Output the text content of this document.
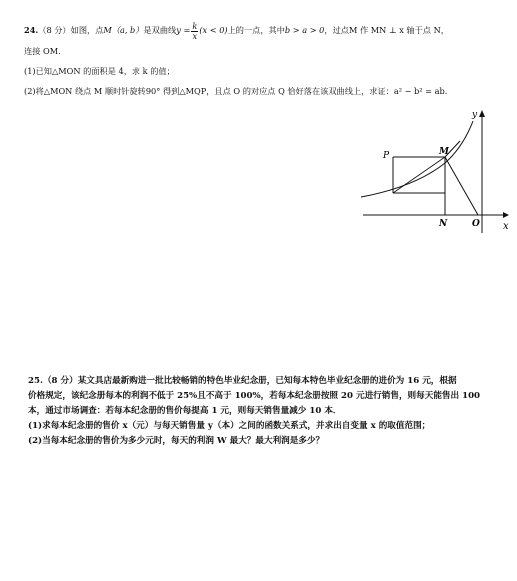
24.（8 分）如图，点M（a, b）是双曲线$y = \frac{k}{x} (x < 0)$上的一点，其中b > a > 0，过点M 作 MN ⊥ x 轴于点 N，
连接 OM.
(1)已知△MON 的面积是 4，求 k 的值；
(2)将△MON 绕点 M 顺时针旋转90° 得到△MQP，且点 O 的对应点 Q 恰好落在该双曲线上，求证：a² − b² = ab．
y
x
P	M
N	O
25.（8 分）某文具店最新购进一批比较畅销的特色毕业纪念册，已知每本特色毕业纪念册的进价为 16 元，根据
价格规定，该纪念册每本的利润不低于 25%且不高于 100%，若每本纪念册按照 20 元进行销售，则每天能售出 100
本，通过市场调查：若每本纪念册的售价每提高 1 元，则每天销售量减少 10 本．
(1)求每本纪念册的售价 x（元）与每天销售量 y（本）之间的函数关系式，并求出自变量 x 的取值范围；
(2)当每本纪念册的售价为多少元时，每天的利润 W 最大？最大利润是多少？
